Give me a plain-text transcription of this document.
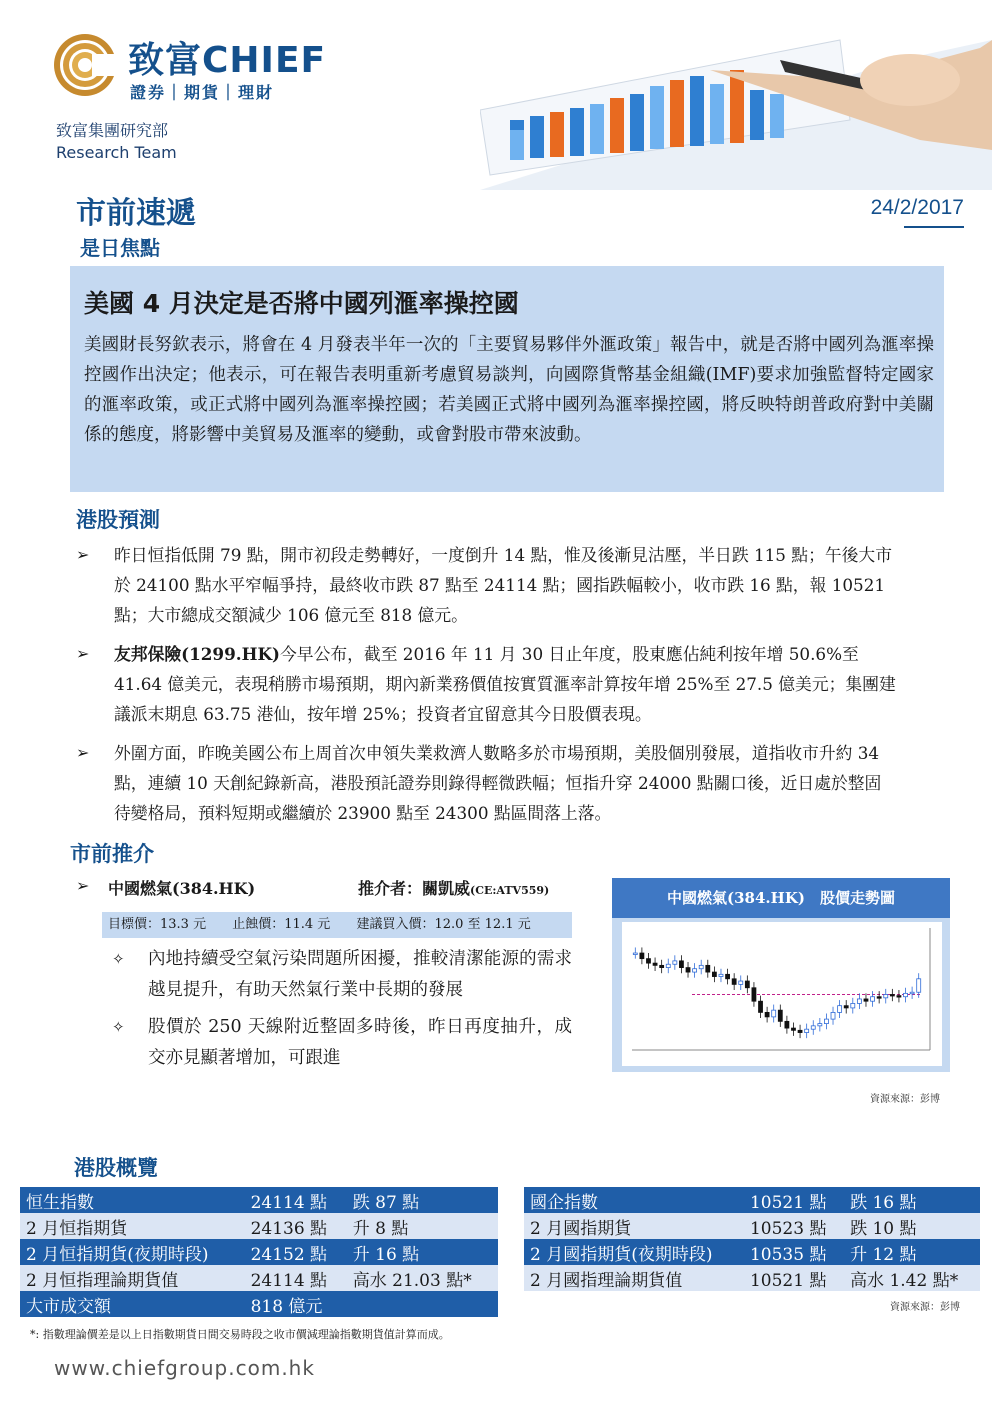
致富CHIEF
證券｜期貨｜理財
致富集團研究部
Research Team
市前速遞	24/2/2017
是日焦點
美國 4 月決定是否將中國列滙率操控國
美國財長努欽表示，將會在 4 月發表半年一次的「主要貿易夥伴外滙政策」報告中，就是否將中國列為滙率操控國作出決定；他表示，可在報告表明重新考慮貿易談判，向國際貨幣基金組織(IMF)要求加強監督特定國家的滙率政策，或正式將中國列為滙率操控國；若美國正式將中國列為滙率操控國，將反映特朗普政府對中美關係的態度，將影響中美貿易及滙率的變動，或會對股市帶來波動。
港股預測
➢ 昨日恒指低開 79 點，開市初段走勢轉好，一度倒升 14 點，惟及後漸見沽壓，半日跌 115 點；午後大市於 24100 點水平窄幅爭持，最終收市跌 87 點至 24114 點；國指跌幅較小，收市跌 16 點，報 10521 點；大市總成交額減少 106 億元至 818 億元。
➢ 友邦保險(1299.HK)今早公布，截至 2016 年 11 月 30 日止年度，股東應佔純利按年增 50.6%至 41.64 億美元，表現稍勝市場預期，期內新業務價值按實質滙率計算按年增 25%至 27.5 億美元；集團建議派末期息 63.75 港仙，按年增 25%；投資者宜留意其今日股價表現。
➢ 外圍方面，昨晚美國公布上周首次申領失業救濟人數略多於市場預期，美股個別發展，道指收市升約 34 點，連續 10 天創紀錄新高，港股預託證券則錄得輕微跌幅；恒指升穿 24000 點關口後，近日處於整固待變格局，預料短期或繼續於 23900 點至 24300 點區間落上落。
市前推介
➢ 中國燃氣(384.HK)	推介者：關凱威(CE:ATV559)
目標價：13.3 元 止蝕價：11.4 元 建議買入價：12.0 至 12.1 元
✧ 內地持續受空氣污染問題所困擾，推較清潔能源的需求越見提升，有助天然氣行業中長期的發展
✧ 股價於 250 天線附近整固多時後，昨日再度抽升，成交亦見顯著增加，可跟進
中國燃氣(384.HK)　股價走勢圖
資源來源：彭博
港股概覽
恒生指數	24114 點	跌 87 點
2 月恒指期貨	24136 點	升 8 點
2 月恒指期貨(夜期時段)	24152 點	升 16 點
2 月恒指理論期貨值	24114 點	高水 21.03 點*
大市成交額	818 億元	
國企指數	10521 點	跌 16 點
2 月國指期貨	10523 點	跌 10 點
2 月國指期貨(夜期時段)	10535 點	升 12 點
2 月國指理論期貨值	10521 點	高水 1.42 點*
資源來源：彭博
*: 指數理論價差是以上日指數期貨日間交易時段之收市價減理論指數期貨值計算而成。
www.chiefgroup.com.hk
